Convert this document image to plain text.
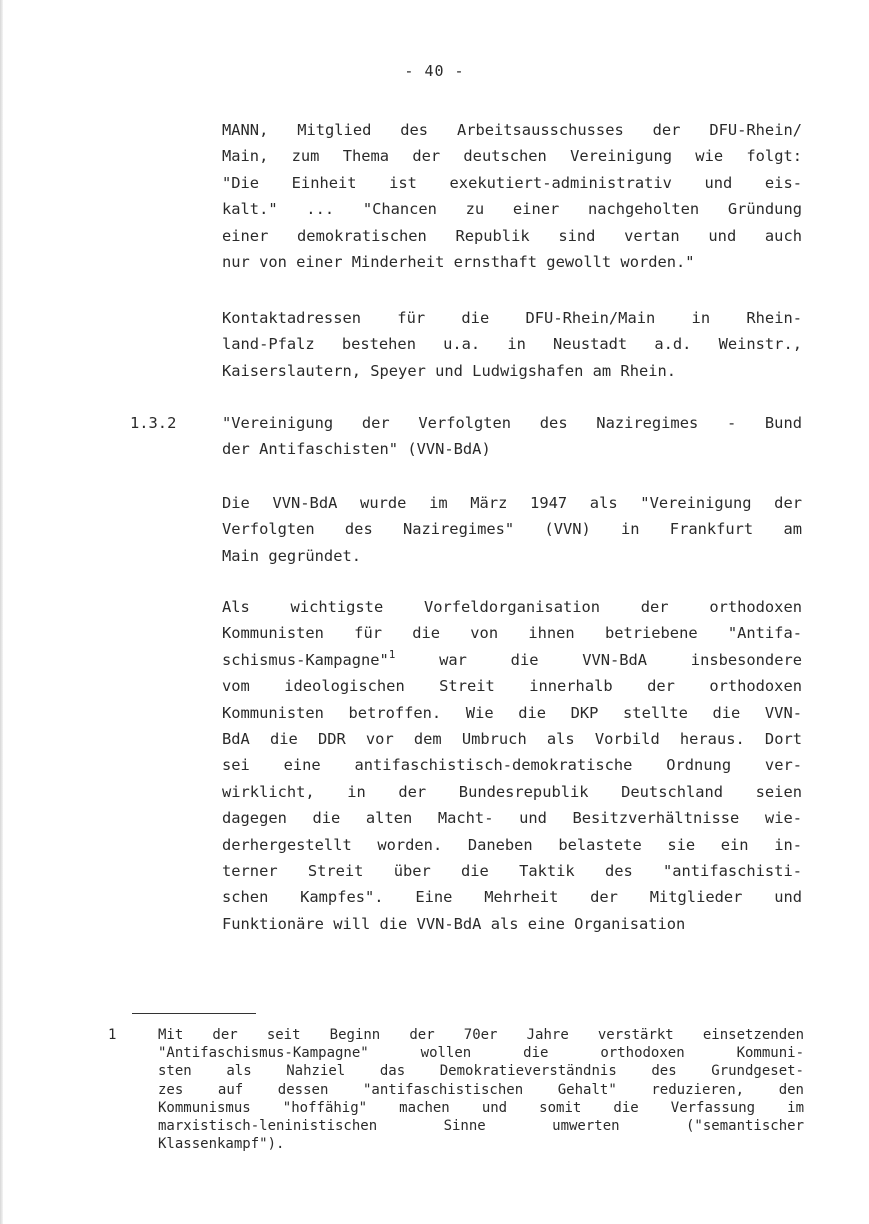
- 40 -
MANN, Mitglied des Arbeitsausschusses der DFU-Rhein/
Main, zum Thema der deutschen Vereinigung wie folgt:
"Die Einheit ist exekutiert-administrativ und eis-
kalt." ... "Chancen zu einer nachgeholten Gründung
einer demokratischen Republik sind vertan und auch
nur von einer Minderheit ernsthaft gewollt worden."
Kontaktadressen für die DFU-Rhein/Main in Rhein-
land-Pfalz bestehen u.a. in Neustadt a.d. Weinstr.,
Kaiserslautern, Speyer und Ludwigshafen am Rhein.
1.3.2	"Vereinigung der Verfolgten des Naziregimes - Bund
der Antifaschisten" (VVN-BdA)
Die VVN-BdA wurde im März 1947 als "Vereinigung der
Verfolgten des Naziregimes" (VVN) in Frankfurt am
Main gegründet.
Als wichtigste Vorfeldorganisation der orthodoxen
Kommunisten für die von ihnen betriebene "Antifa-
schismus-Kampagne"$^1$ war die VVN-BdA insbesondere
vom ideologischen Streit innerhalb der orthodoxen
Kommunisten betroffen. Wie die DKP stellte die VVN-
BdA die DDR vor dem Umbruch als Vorbild heraus. Dort
sei eine antifaschistisch-demokratische Ordnung ver-
wirklicht, in der Bundesrepublik Deutschland seien
dagegen die alten Macht- und Besitzverhältnisse wie-
derhergestellt worden. Daneben belastete sie ein in-
terner Streit über die Taktik des "antifaschisti-
schen Kampfes". Eine Mehrheit der Mitglieder und
Funktionäre will die VVN-BdA als eine Organisation
1	Mit der seit Beginn der 70er Jahre verstärkt einsetzenden
"Antifaschismus-Kampagne" wollen die orthodoxen Kommuni-
sten als Nahziel das Demokratieverständnis des Grundgeset-
zes auf dessen "antifaschistischen Gehalt" reduzieren, den
Kommunismus "hoffähig" machen und somit die Verfassung im
marxistisch-leninistischen Sinne umwerten ("semantischer
Klassenkampf").
